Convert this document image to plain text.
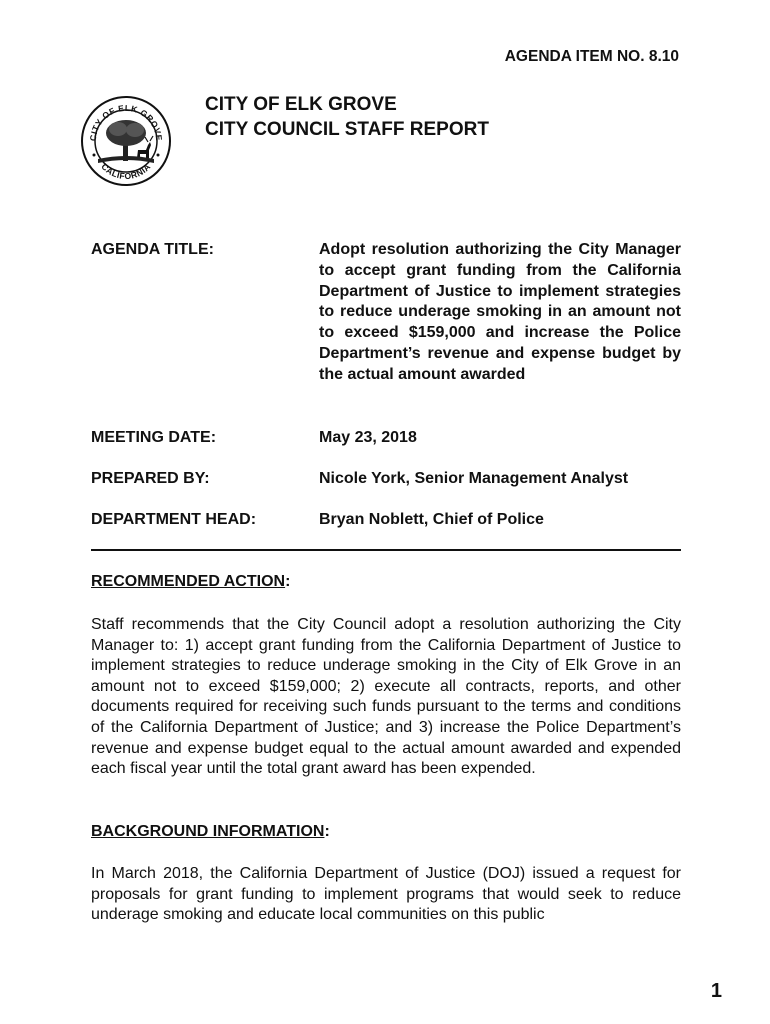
AGENDA ITEM NO. 8.10
CITY OF ELK GROVE
CALIFORNIA
CITY OF ELK GROVE
CITY COUNCIL STAFF REPORT
AGENDA TITLE:	Adopt resolution authorizing the City Manager to accept grant funding from the California Department of Justice to implement strategies to reduce underage smoking in an amount not to exceed $159,000 and increase the Police Department’s revenue and expense budget by the actual amount awarded
MEETING DATE:	May 23, 2018
PREPARED BY:	Nicole York, Senior Management Analyst
DEPARTMENT HEAD:	Bryan Noblett, Chief of Police
RECOMMENDED ACTION:
Staff recommends that the City Council adopt a resolution authorizing the City Manager to: 1) accept grant funding from the California Department of Justice to implement strategies to reduce underage smoking in the City of Elk Grove in an amount not to exceed $159,000; 2) execute all contracts, reports, and other documents required for receiving such funds pursuant to the terms and conditions of the California Department of Justice; and 3) increase the Police Department’s revenue and expense budget equal to the actual amount awarded and expended each fiscal year until the total grant award has been expended.
BACKGROUND INFORMATION:
In March 2018, the California Department of Justice (DOJ) issued a request for proposals for grant funding to implement programs that would seek to reduce underage smoking and educate local communities on this public
1
